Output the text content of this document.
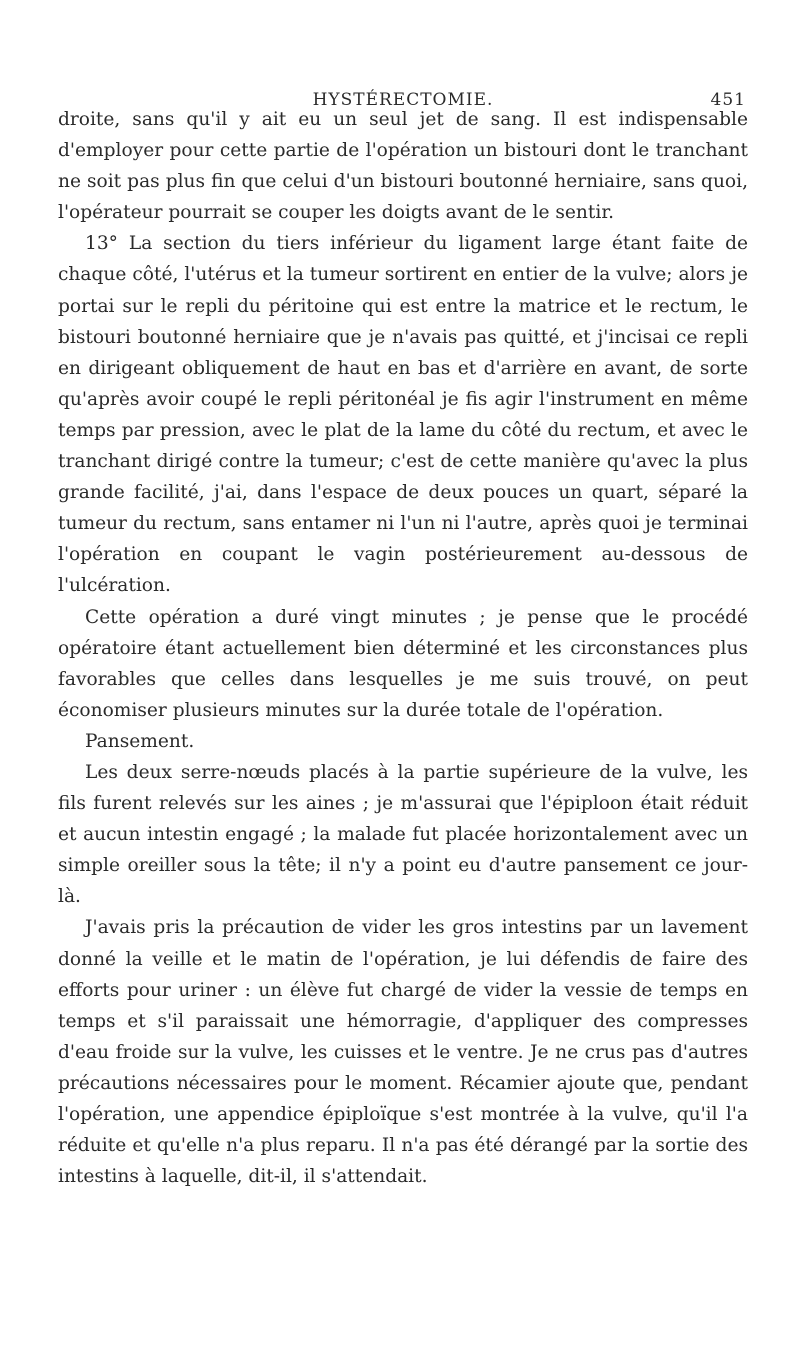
HYSTÉRECTOMIE.	451

droite, sans qu'il y ait eu un seul jet de sang. Il est indispensable d'employer pour cette partie de l'opération un bistouri dont le tranchant ne soit pas plus fin que celui d'un bistouri boutonné herniaire, sans quoi, l'opérateur pourrait se couper les doigts avant de le sentir.

13° La section du tiers inférieur du ligament large étant faite de chaque côté, l'utérus et la tumeur sortirent en entier de la vulve; alors je portai sur le repli du péritoine qui est entre la matrice et le rectum, le bistouri boutonné herniaire que je n'avais pas quitté, et j'incisai ce repli en dirigeant obliquement de haut en bas et d'arrière en avant, de sorte qu'après avoir coupé le repli péritonéal je fis agir l'instrument en même temps par pression, avec le plat de la lame du côté du rectum, et avec le tranchant dirigé contre la tumeur; c'est de cette manière qu'avec la plus grande facilité, j'ai, dans l'espace de deux pouces un quart, séparé la tumeur du rectum, sans entamer ni l'un ni l'autre, après quoi je terminai l'opération en coupant le vagin postérieurement au-dessous de l'ulcération.

Cette opération a duré vingt minutes ; je pense que le procédé opératoire étant actuellement bien déterminé et les circonstances plus favorables que celles dans lesquelles je me suis trouvé, on peut économiser plusieurs minutes sur la durée totale de l'opération.

Pansement.

Les deux serre-nœuds placés à la partie supérieure de la vulve, les fils furent relevés sur les aines ; je m'assurai que l'épiploon était réduit et aucun intestin engagé ; la malade fut placée horizontalement avec un simple oreiller sous la tête; il n'y a point eu d'autre pansement ce jour-là.

J'avais pris la précaution de vider les gros intestins par un lavement donné la veille et le matin de l'opération, je lui défendis de faire des efforts pour uriner : un élève fut chargé de vider la vessie de temps en temps et s'il paraissait une hémorragie, d'appliquer des compresses d'eau froide sur la vulve, les cuisses et le ventre. Je ne crus pas d'autres précautions nécessaires pour le moment. Récamier ajoute que, pendant l'opération, une appendice épiploïque s'est montrée à la vulve, qu'il l'a réduite et qu'elle n'a plus reparu. Il n'a pas été dérangé par la sortie des intestins à laquelle, dit-il, il s'attendait.
